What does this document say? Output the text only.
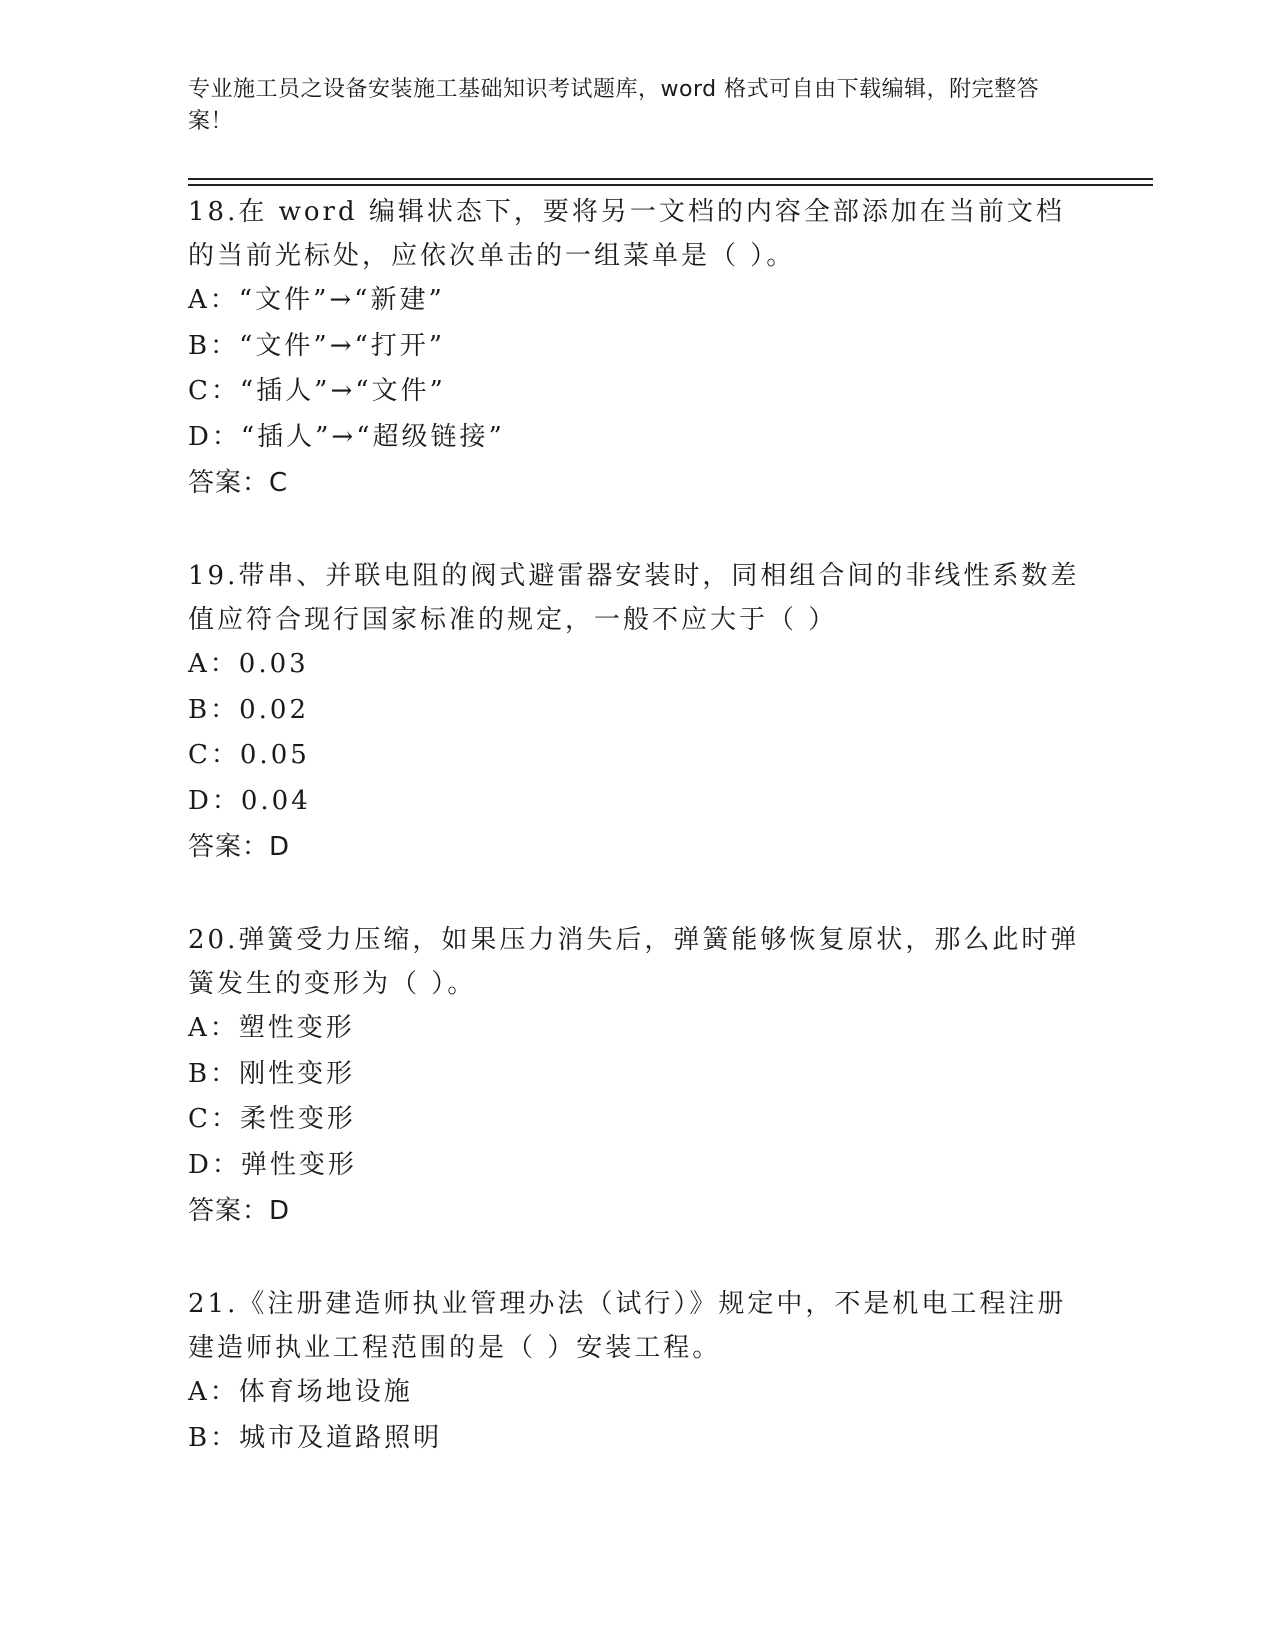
专业施工员之设备安装施工基础知识考试题库，word 格式可自由下载编辑，附完整答案！

18.在 word 编辑状态下，要将另一文档的内容全部添加在当前文档的当前光标处，应依次单击的一组菜单是（ ）。

A：“文件”→“新建”

B：“文件”→“打开”

C：“插人”→“文件”

D：“插人”→“超级链接”

答案：C

19.带串、并联电阻的阀式避雷器安装时，同相组合间的非线性系数差值应符合现行国家标准的规定，一般不应大于（ ）

A：0.03

B：0.02

C：0.05

D：0.04

答案：D

20.弹簧受力压缩，如果压力消失后，弹簧能够恢复原状，那么此时弹簧发生的变形为（ ）。

A：塑性变形

B：刚性变形

C：柔性变形

D：弹性变形

答案：D

21.《注册建造师执业管理办法（试行）》规定中，不是机电工程注册建造师执业工程范围的是（ ）安装工程。

A：体育场地设施

B：城市及道路照明
